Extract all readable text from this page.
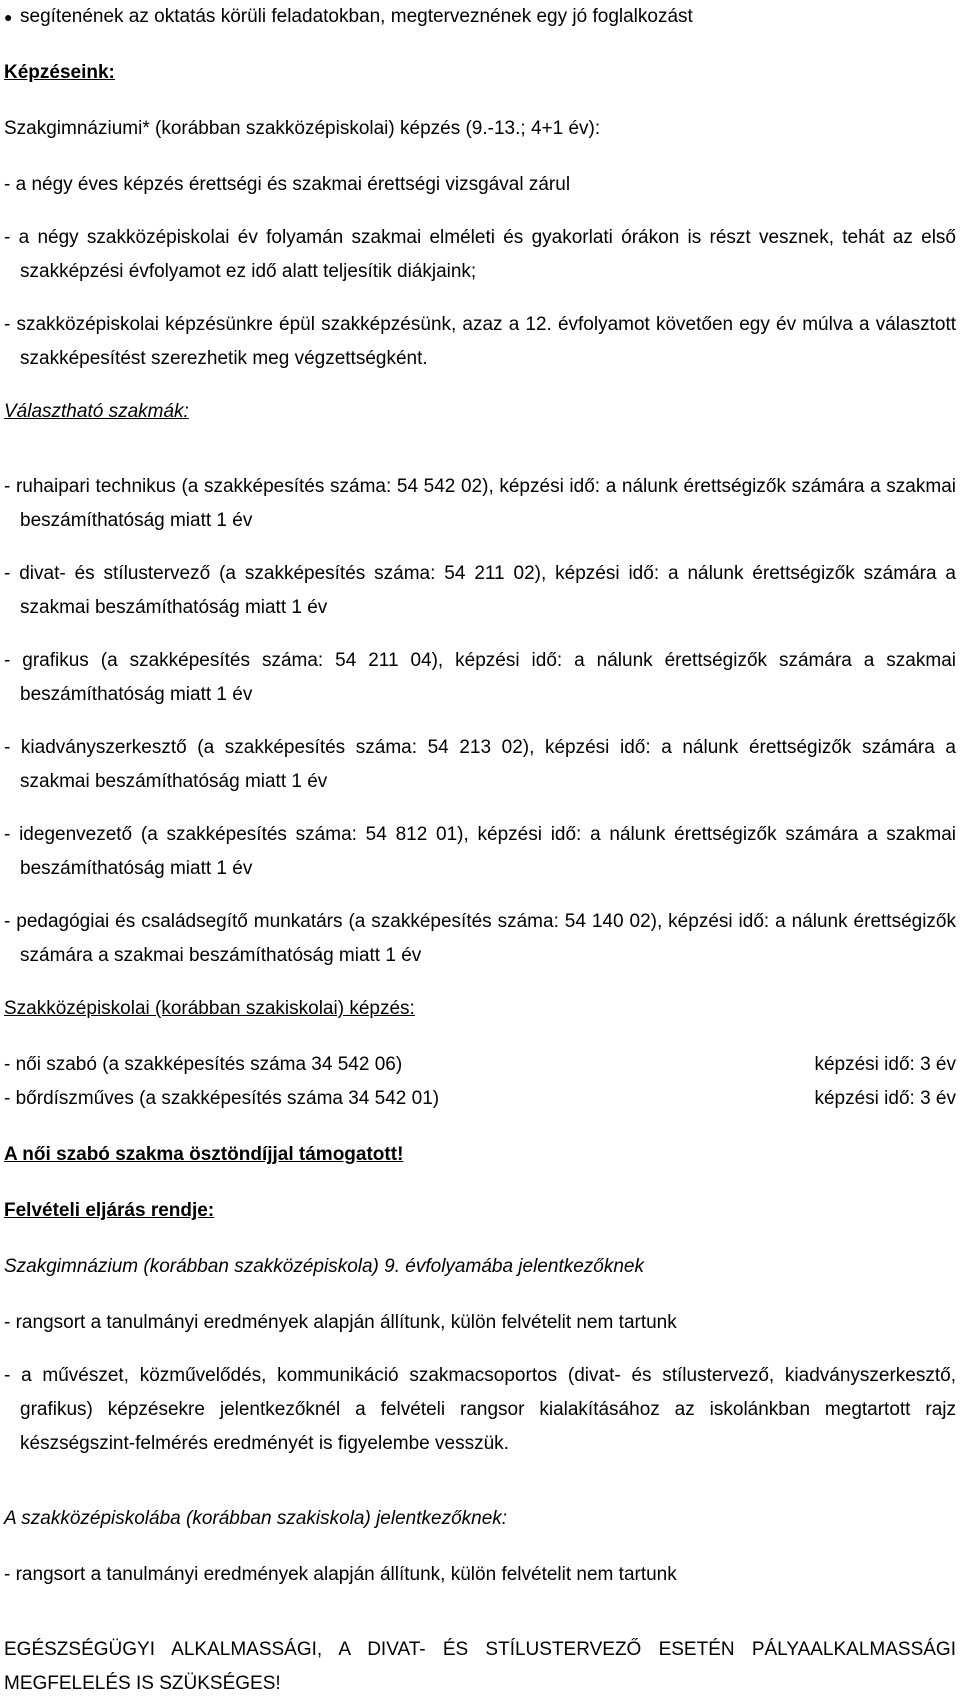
● segítenének az oktatás körüli feladatokban, megterveznének egy jó foglalkozást

Képzéseink:

Szakgimnáziumi* (korábban szakközépiskolai) képzés (9.-13.; 4+1 év):

- a négy éves képzés érettségi és szakmai érettségi vizsgával zárul

- a négy szakközépiskolai év folyamán szakmai elméleti és gyakorlati órákon is részt vesznek, tehát az első szakképzési évfolyamot ez idő alatt teljesítik diákjaink;

- szakközépiskolai képzésünkre épül szakképzésünk, azaz a 12. évfolyamot követően egy év múlva a választott szakképesítést szerezhetik meg végzettségként.

Választható szakmák:

- ruhaipari technikus (a szakképesítés száma: 54 542 02), képzési idő: a nálunk érettségizők számára a szakmai beszámíthatóság miatt 1 év

- divat- és stílustervező (a szakképesítés száma: 54 211 02), képzési idő: a nálunk érettségizők számára a szakmai beszámíthatóság miatt 1 év

- grafikus (a szakképesítés száma: 54 211 04), képzési idő: a nálunk érettségizők számára a szakmai beszámíthatóság miatt 1 év

- kiadványszerkesztő (a szakképesítés száma: 54 213 02), képzési idő: a nálunk érettségizők számára a szakmai beszámíthatóság miatt 1 év

- idegenvezető (a szakképesítés száma: 54 812 01), képzési idő: a nálunk érettségizők számára a szakmai beszámíthatóság miatt 1 év

- pedagógiai és családsegítő munkatárs (a szakképesítés száma: 54 140 02), képzési idő: a nálunk érettségizők számára a szakmai beszámíthatóság miatt 1 év

Szakközépiskolai (korábban szakiskolai) képzés:

- női szabó (a szakképesítés száma 34 542 06)	képzési idő: 3 év
- bőrdíszműves (a szakképesítés száma 34 542 01)	képzési idő: 3 év

A női szabó szakma ösztöndíjjal támogatott!

Felvételi eljárás rendje:

Szakgimnázium (korábban szakközépiskola) 9. évfolyamába jelentkezőknek

- rangsort a tanulmányi eredmények alapján állítunk, külön felvételit nem tartunk

- a művészet, közművelődés, kommunikáció szakmacsoportos (divat- és stílustervező, kiadványszerkesztő, grafikus) képzésekre jelentkezőknél a felvételi rangsor kialakításához az iskolánkban megtartott rajz készségszint-felmérés eredményét is figyelembe vesszük.

A szakközépiskolába (korábban szakiskola) jelentkezőknek:

- rangsort a tanulmányi eredmények alapján állítunk, külön felvételit nem tartunk

EGÉSZSÉGÜGYI ALKALMASSÁGI, A DIVAT- ÉS STÍLUSTERVEZŐ ESETÉN PÁLYAALKALMASSÁGI MEGFELELÉS IS SZÜKSÉGES!
